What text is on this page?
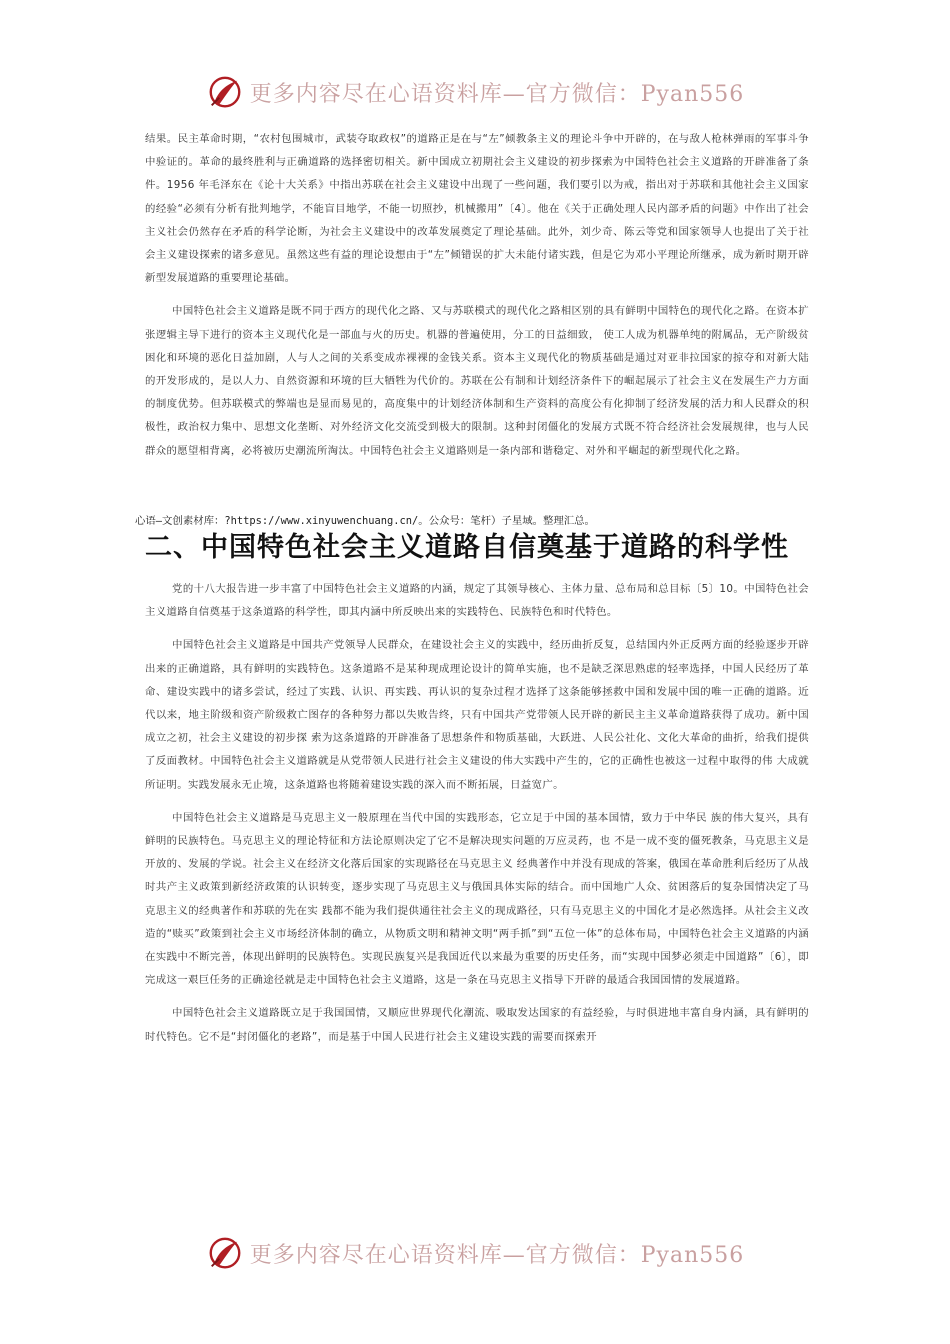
更多内容尽在心语资料库—官方微信：Pyan556

结果。民主革命时期，“农村包围城市，武装夺取政权”的道路正是在与“左”倾教条主义的理论斗争中开辟的，在与敌人枪林弹雨的军事斗争中验证的。革命的最终胜利与正确道路的选择密切相关。新中国成立初期社会主义建设的初步探索为中国特色社会主义道路的开辟准备了条件。1956 年毛泽东在《论十大关系》中指出苏联在社会主义建设中出现了一些问题，我们要引以为戒，指出对于苏联和其他社会主义国家的经验“必须有分析有批判地学，不能盲目地学，不能一切照抄，机械搬用”〔4〕。他在《关于正确处理人民内部矛盾的问题》中作出了社会主义社会仍然存在矛盾的科学论断，为社会主义建设中的改革发展奠定了理论基础。此外，刘少奇、陈云等党和国家领导人也提出了关于社会主义建设探索的诸多意见。虽然这些有益的理论设想由于“左”倾错误的扩大未能付诸实践，但是它为邓小平理论所继承，成为新时期开辟新型发展道路的重要理论基础。

中国特色社会主义道路是既不同于西方的现代化之路、又与苏联模式的现代化之路相区别的具有鲜明中国特色的现代化之路。在资本扩张逻辑主导下进行的资本主义现代化是一部血与火的历史。机器的普遍使用，分工的日益细致， 使工人成为机器单纯的附属品，无产阶级贫困化和环境的恶化日益加剧，人与人之间的关系变成赤裸裸的金钱关系。资本主义现代化的物质基础是通过对亚非拉国家的掠夺和对新大陆的开发形成的，是以人力、自然资源和环境的巨大牺牲为代价的。苏联在公有制和计划经济条件下的崛起展示了社会主义在发展生产力方面的制度优势。但苏联模式的弊端也是显而易见的，高度集中的计划经济体制和生产资料的高度公有化抑制了经济发展的活力和人民群众的积极性，政治权力集中、思想文化垄断、对外经济文化交流受到极大的限制。这种封闭僵化的发展方式既不符合经济社会发展规律，也与人民群众的愿望相背离，必将被历史潮流所淘汰。中国特色社会主义道路则是一条内部和谐稳定、对外和平崛起的新型现代化之路。

心语—文创素材库：?https://www.xinyuwenchuang.cn/。公众号：笔杆）子星域。整理汇总。
二、中国特色社会主义道路自信奠基于道路的科学性

党的十八大报告进一步丰富了中国特色社会主义道路的内涵，规定了其领导核心、主体力量、总布局和总目标〔5〕10。中国特色社会主义道路自信奠基于这条道路的科学性，即其内涵中所反映出来的实践特色、民族特色和时代特色。

中国特色社会主义道路是中国共产党领导人民群众，在建设社会主义的实践中，经历曲折反复，总结国内外正反两方面的经验逐步开辟出来的正确道路，具有鲜明的实践特色。这条道路不是某种现成理论设计的简单实施，也不是缺乏深思熟虑的轻率选择，中国人民经历了革命、建设实践中的诸多尝试，经过了实践、认识、再实践、再认识的复杂过程才选择了这条能够拯救中国和发展中国的唯一正确的道路。近代以来，地主阶级和资产阶级救亡图存的各种努力都以失败告终，只有中国共产党带领人民开辟的新民主主义革命道路获得了成功。新中国成立之初，社会主义建设的初步探 索为这条道路的开辟准备了思想条件和物质基础，大跃进、人民公社化、文化大革命的曲折，给我们提供了反面教材。中国特色社会主义道路就是从党带领人民进行社会主义建设的伟大实践中产生的，它的正确性也被这一过程中取得的伟 大成就所证明。实践发展永无止境，这条道路也将随着建设实践的深入而不断拓展，日益宽广。

中国特色社会主义道路是马克思主义一般原理在当代中国的实践形态，它立足于中国的基本国情，致力于中华民 族的伟大复兴，具有鲜明的民族特色。马克思主义的理论特征和方法论原则决定了它不是解决现实问题的万应灵药，也 不是一成不变的僵死教条，马克思主义是开放的、发展的学说。社会主义在经济文化落后国家的实现路径在马克思主义 经典著作中并没有现成的答案，俄国在革命胜利后经历了从战时共产主义政策到新经济政策的认识转变，逐步实现了马克思主义与俄国具体实际的结合。而中国地广人众、贫困落后的复杂国情决定了马克思主义的经典著作和苏联的先在实 践都不能为我们提供通往社会主义的现成路径，只有马克思主义的中国化才是必然选择。从社会主义改造的“赎买”政策到社会主义市场经济体制的确立，从物质文明和精神文明“两手抓”到“五位一体”的总体布局，中国特色社会主义道路的内涵在实践中不断完善，体现出鲜明的民族特色。实现民族复兴是我国近代以来最为重要的历史任务，而“实现中国梦必须走中国道路”〔6〕，即完成这一艰巨任务的正确途径就是走中国特色社会主义道路，这是一条在马克思主义指导下开辟的最适合我国国情的发展道路。

中国特色社会主义道路既立足于我国国情，又顺应世界现代化潮流、吸取发达国家的有益经验，与时俱进地丰富自身内涵，具有鲜明的时代特色。它不是“封闭僵化的老路”，而是基于中国人民进行社会主义建设实践的需要而探索开

更多内容尽在心语资料库—官方微信：Pyan556
